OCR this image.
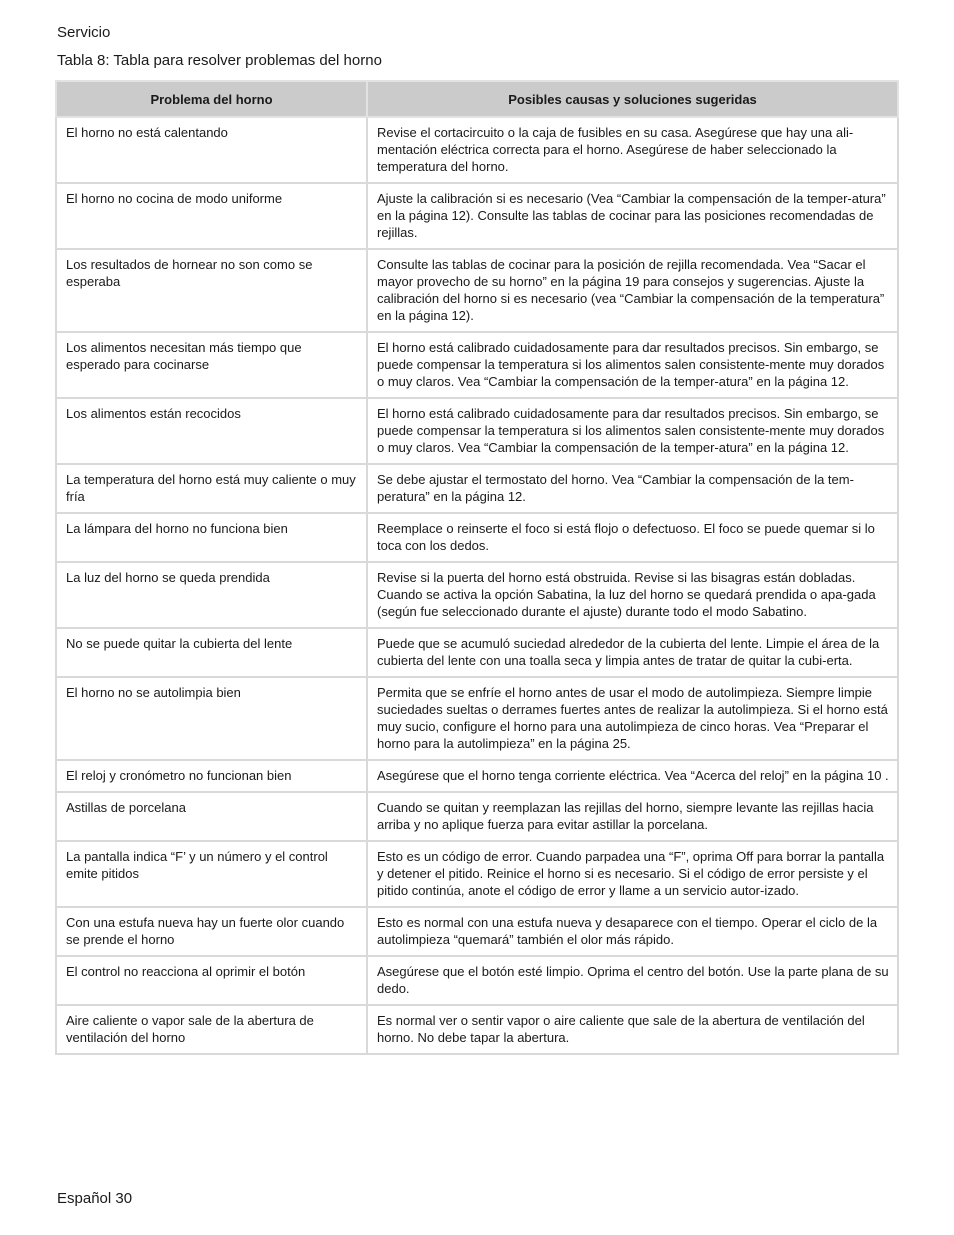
Servicio
Tabla 8: Tabla para resolver problemas del horno
Problema del horno	Posibles causas y soluciones sugeridas
El horno no está calentando	Revise el cortacircuito o la caja de fusibles en su casa. Asegúrese que hay una ali-mentación eléctrica correcta para el horno. Asegúrese de haber seleccionado la temperatura del horno.
El horno no cocina de modo uniforme	Ajuste la calibración si es necesario (Vea “Cambiar la compensación de la temper-atura” en la página 12). Consulte las tablas de cocinar para las posiciones recomendadas de rejillas.
Los resultados de hornear no son como se esperaba	Consulte las tablas de cocinar para la posición de rejilla recomendada. Vea “Sacar el mayor provecho de su horno” en la página 19 para consejos y sugerencias. Ajuste la calibración del horno si es necesario (vea “Cambiar la compensación de la temperatura” en la página 12).
Los alimentos necesitan más tiempo que esperado para cocinarse	El horno está calibrado cuidadosamente para dar resultados precisos. Sin embargo, se puede compensar la temperatura si los alimentos salen consistente-mente muy dorados o muy claros. Vea “Cambiar la compensación de la temper-atura” en la página 12.
Los alimentos están recocidos	El horno está calibrado cuidadosamente para dar resultados precisos. Sin embargo, se puede compensar la temperatura si los alimentos salen consistente-mente muy dorados o muy claros. Vea “Cambiar la compensación de la temper-atura” en la página 12.
La temperatura del horno está muy caliente o muy fría	Se debe ajustar el termostato del horno. Vea “Cambiar la compensación de la tem-peratura” en la página 12.
La lámpara del horno no funciona bien	Reemplace o reinserte el foco si está flojo o defectuoso. El foco se puede quemar si lo toca con los dedos.
La luz del horno se queda prendida	Revise si la puerta del horno está obstruida. Revise si las bisagras están dobladas. Cuando se activa la opción Sabatina, la luz del horno se quedará prendida o apa-gada (según fue seleccionado durante el ajuste) durante todo el modo Sabatino.
No se puede quitar la cubierta del lente	Puede que se acumuló suciedad alrededor de la cubierta del lente. Limpie el área de la cubierta del lente con una toalla seca y limpia antes de tratar de quitar la cubi-erta.
El horno no se autolimpia bien	Permita que se enfríe el horno antes de usar el modo de autolimpieza. Siempre limpie suciedades sueltas o derrames fuertes antes de realizar la autolimpieza. Si el horno está muy sucio, configure el horno para una autolimpieza de cinco horas. Vea “Preparar el horno para la autolimpieza” en la página 25.
El reloj y cronómetro no funcionan bien	Asegúrese que el horno tenga corriente eléctrica. Vea “Acerca del reloj” en la página 10 .
Astillas de porcelana	Cuando se quitan y reemplazan las rejillas del horno, siempre levante las rejillas hacia arriba y no aplique fuerza para evitar astillar la porcelana.
La pantalla indica “F’ y un número y el control emite pitidos	Esto es un código de error. Cuando parpadea una “F”, oprima Off para borrar la pantalla y detener el pitido. Reinice el horno si es necesario. Si el código de error persiste y el pitido continúa, anote el código de error y llame a un servicio autor-izado.
Con una estufa nueva hay un fuerte olor cuando se prende el horno	Esto es normal con una estufa nueva y desaparece con el tiempo. Operar el ciclo de la autolimpieza “quemará” también el olor más rápido.
El control no reacciona al oprimir el botón	Asegúrese que el botón esté limpio. Oprima el centro del botón. Use la parte plana de su dedo.
Aire caliente o vapor sale de la abertura de ventilación del horno	Es normal ver o sentir vapor o aire caliente que sale de la abertura de ventilación del horno. No debe tapar la abertura.
Español 30
